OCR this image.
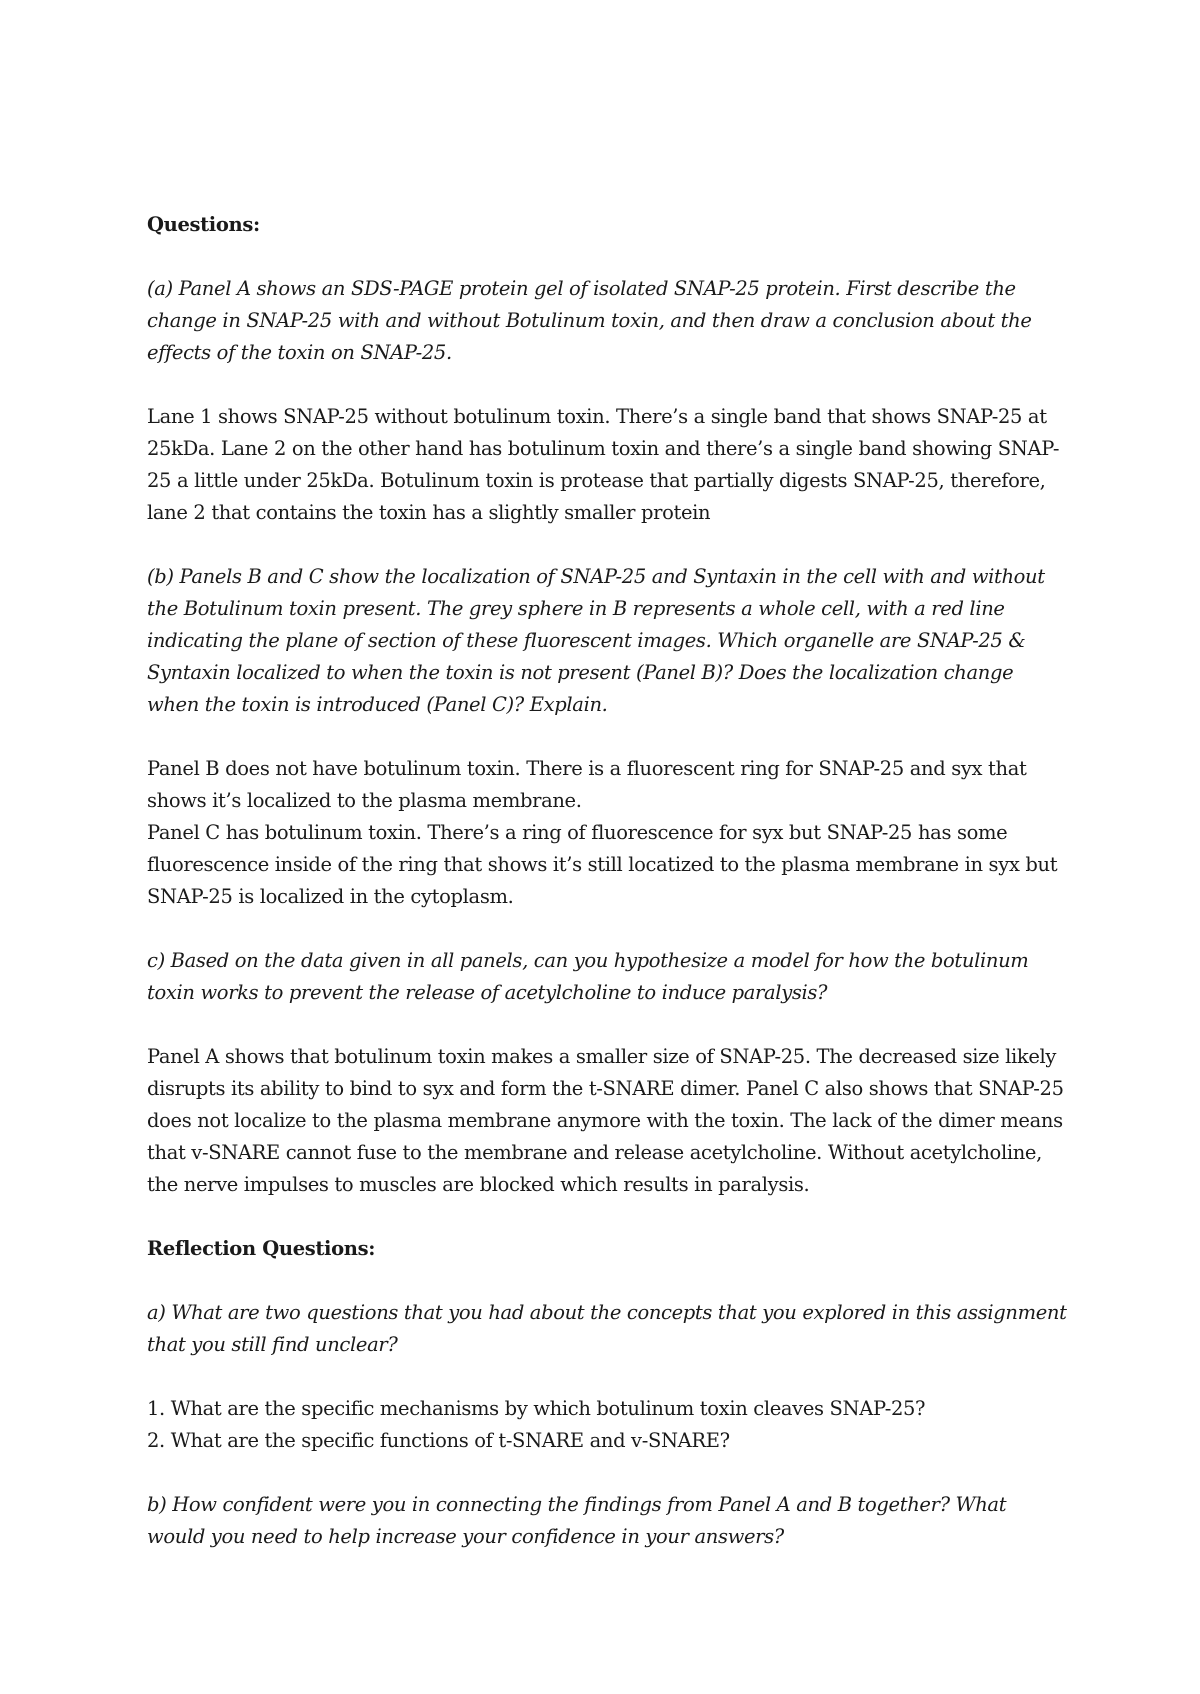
Questions:

(a) Panel A shows an SDS-PAGE protein gel of isolated SNAP-25 protein. First describe the change in SNAP-25 with and without Botulinum toxin, and then draw a conclusion about the effects of the toxin on SNAP-25.

Lane 1 shows SNAP-25 without botulinum toxin. There’s a single band that shows SNAP-25 at 25kDa. Lane 2 on the other hand has botulinum toxin and there’s a single band showing SNAP-25 a little under 25kDa. Botulinum toxin is protease that partially digests SNAP-25, therefore, lane 2 that contains the toxin has a slightly smaller protein

(b) Panels B and C show the localization of SNAP-25 and Syntaxin in the cell with and without the Botulinum toxin present. The grey sphere in B represents a whole cell, with a red line indicating the plane of section of these fluorescent images. Which organelle are SNAP-25 & Syntaxin localized to when the toxin is not present (Panel B)? Does the localization change when the toxin is introduced (Panel C)? Explain.

Panel B does not have botulinum toxin. There is a fluorescent ring for SNAP-25 and syx that shows it’s localized to the plasma membrane.

Panel C has botulinum toxin. There’s a ring of fluorescence for syx but SNAP-25 has some fluorescence inside of the ring that shows it’s still locatized to the plasma membrane in syx but SNAP-25 is localized in the cytoplasm.

c) Based on the data given in all panels, can you hypothesize a model for how the botulinum toxin works to prevent the release of acetylcholine to induce paralysis?

Panel A shows that botulinum toxin makes a smaller size of SNAP-25. The decreased size likely disrupts its ability to bind to syx and form the t-SNARE dimer. Panel C also shows that SNAP-25 does not localize to the plasma membrane anymore with the toxin. The lack of the dimer means that v-SNARE cannot fuse to the membrane and release acetylcholine. Without acetylcholine, the nerve impulses to muscles are blocked which results in paralysis.

Reflection Questions:

a) What are two questions that you had about the concepts that you explored in this assignment that you still find unclear?

1. What are the specific mechanisms by which botulinum toxin cleaves SNAP-25?

2. What are the specific functions of t-SNARE and v-SNARE?

b) How confident were you in connecting the findings from Panel A and B together? What would you need to help increase your confidence in your answers?
